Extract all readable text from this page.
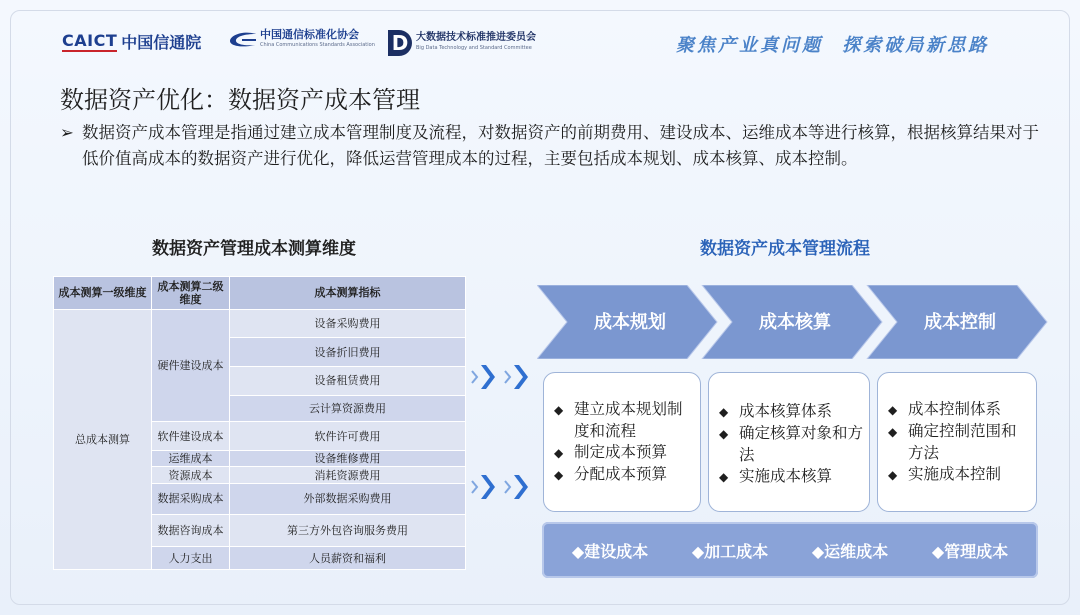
CAICT 中国信通院	中国通信标准化协会
China Communications Standards Association D 大数据技术标准推进委员会
Big Data Technology and Standard Committee	聚焦产业真问题 探索破局新思路
数据资产优化：数据资产成本管理
➢ 数据资产成本管理是指通过建立成本管理制度及流程，对数据资产的前期费用、建设成本、运维成本等进行核算，根据核算结果对于低价值高成本的数据资产进行优化，降低运营管理成本的过程，主要包括成本规划、成本核算、成本控制。
数据资产管理成本测算维度	数据资产成本管理流程
成本测算一级维度	成本测算二级维度	成本测算指标
总成本测算	硬件建设成本	设备采购费用
		设备折旧费用
		设备租赁费用
		云计算资源费用
	软件建设成本	软件许可费用
	运维成本	设备维修费用
	资源成本	消耗资源费用
	数据采购成本	外部数据采购费用
	数据咨询成本	第三方外包咨询服务费用
	人力支出	人员薪资和福利
成本规划	成本核算	成本控制
◆ 建立成本规划制度和流程
◆ 制定成本预算
◆ 分配成本预算
◆ 成本核算体系
◆ 确定核算对象和方法
◆ 实施成本核算
◆ 成本控制体系
◆ 确定控制范围和方法
◆ 实施成本控制
◆建设成本	◆加工成本	◆运维成本	◆管理成本
